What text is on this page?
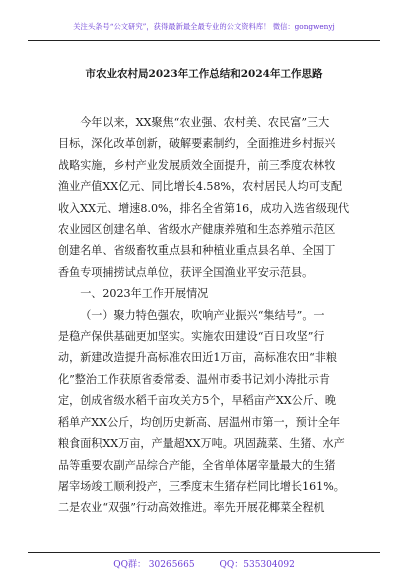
关注头条号“公文研究”，获得最新最全最专业的公文资料库！ 微信：gongwenyj
市农业农村局2023年工作总结和2024年工作思路

今年以来，XX聚焦“农业强、农村美、农民富”三大
目标，深化改革创新，破解要素制约，全面推进乡村振兴
战略实施，乡村产业发展质效全面提升，前三季度农林牧
渔业产值XX亿元、同比增长4.58%，农村居民人均可支配
收入XX元、增速8.0%，排名全省第16，成功入选省级现代
农业园区创建名单、省级水产健康养殖和生态养殖示范区
创建名单、省级畜牧重点县和种植业重点县名单、全国丁
香鱼专项捕捞试点单位，获评全国渔业平安示范县。

一、2023年工作开展情况

（一）聚力特色强农，吹响产业振兴“集结号”。一
是稳产保供基础更加坚实。实施农田建设“百日攻坚”行
动，新建改造提升高标准农田近1万亩，高标准农田“非粮
化”整治工作获原省委常委、温州市委书记刘小涛批示肯
定，创成省级水稻千亩攻关方5个，早稻亩产XX公斤、晚
稻单产XX公斤，均创历史新高、居温州市第一，预计全年
粮食面积XX万亩，产量超XX万吨。巩固蔬菜、生猪、水产
品等重要农副产品综合产能，全省单体屠宰量最大的生猪
屠宰场竣工顺利投产，三季度末生猪存栏同比增长161%。
二是农业“双强”行动高效推进。率先开展花椰菜全程机

QQ群： 30265665	QQ：535304092
